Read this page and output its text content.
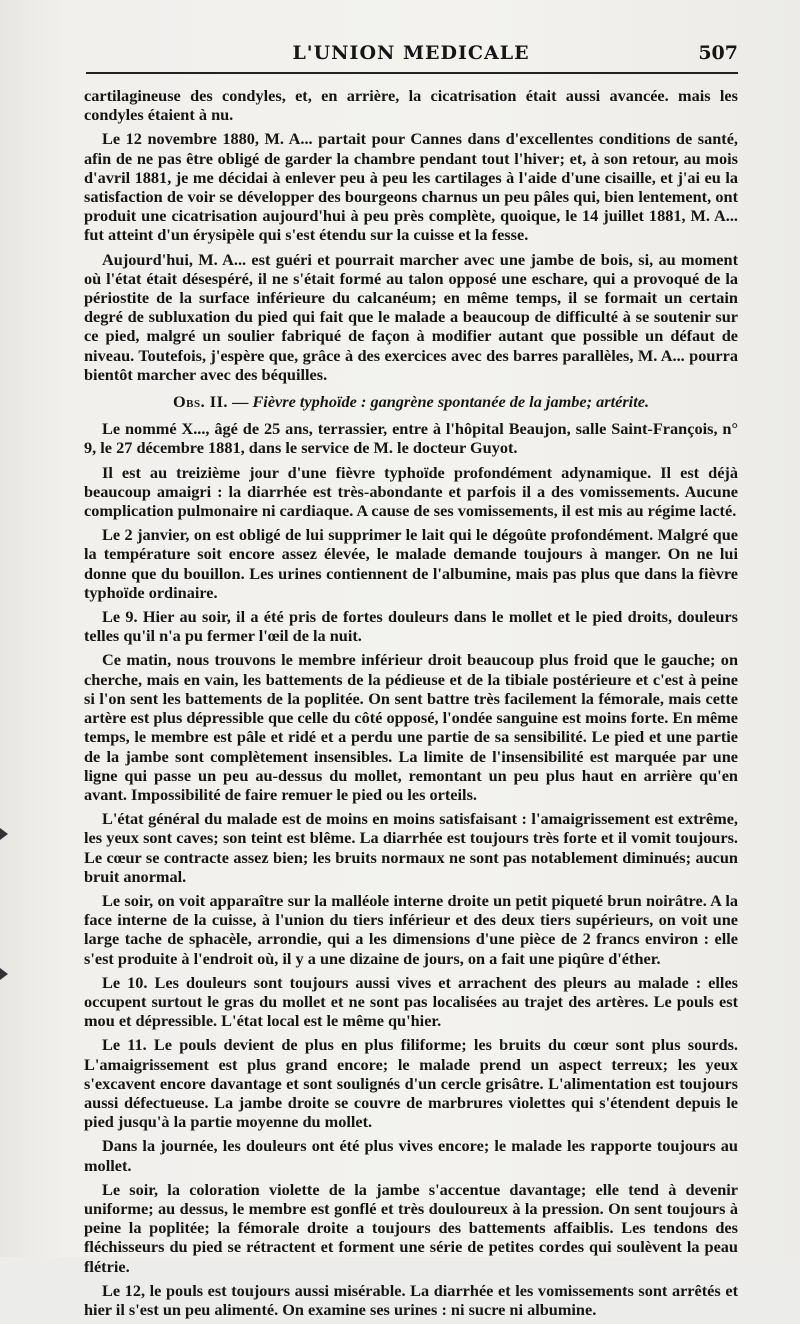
L'UNION MEDICALE	507

cartilagineuse des condyles, et, en arrière, la cicatrisation était aussi avancée. mais les condyles étaient à nu.

Le 12 novembre 1880, M. A... partait pour Cannes dans d'excellentes conditions de santé, afin de ne pas être obligé de garder la chambre pendant tout l'hiver; et, à son retour, au mois d'avril 1881, je me décidai à enlever peu à peu les cartilages à l'aide d'une cisaille, et j'ai eu la satisfaction de voir se développer des bourgeons charnus un peu pâles qui, bien lentement, ont produit une cicatrisation aujourd'hui à peu près complète, quoique, le 14 juillet 1881, M. A... fut atteint d'un érysipèle qui s'est étendu sur la cuisse et la fesse.

Aujourd'hui, M. A... est guéri et pourrait marcher avec une jambe de bois, si, au moment où l'état était désespéré, il ne s'était formé au talon opposé une eschare, qui a provoqué de la périostite de la surface inférieure du calcanéum; en même temps, il se formait un certain degré de subluxation du pied qui fait que le malade a beaucoup de difficulté à se soutenir sur ce pied, malgré un soulier fabriqué de façon à modifier autant que possible un défaut de niveau. Toutefois, j'espère que, grâce à des exercices avec des barres parallèles, M. A... pourra bientôt marcher avec des béquilles.

Obs. II. — Fièvre typhoïde : gangrène spontanée de la jambe; artérite.

Le nommé X..., âgé de 25 ans, terrassier, entre à l'hôpital Beaujon, salle Saint-François, n° 9, le 27 décembre 1881, dans le service de M. le docteur Guyot.

Il est au treizième jour d'une fièvre typhoïde profondément adynamique. Il est déjà beaucoup amaigri : la diarrhée est très-abondante et parfois il a des vomissements. Aucune complication pulmonaire ni cardiaque. A cause de ses vomissements, il est mis au régime lacté.

Le 2 janvier, on est obligé de lui supprimer le lait qui le dégoûte profondément. Malgré que la température soit encore assez élevée, le malade demande toujours à manger. On ne lui donne que du bouillon. Les urines contiennent de l'albumine, mais pas plus que dans la fièvre typhoïde ordinaire.

Le 9. Hier au soir, il a été pris de fortes douleurs dans le mollet et le pied droits, douleurs telles qu'il n'a pu fermer l'œil de la nuit.

Ce matin, nous trouvons le membre inférieur droit beaucoup plus froid que le gauche; on cherche, mais en vain, les battements de la pédieuse et de la tibiale postérieure et c'est à peine si l'on sent les battements de la poplitée. On sent battre très facilement la fémorale, mais cette artère est plus dépressible que celle du côté opposé, l'ondée sanguine est moins forte. En même temps, le membre est pâle et ridé et a perdu une partie de sa sensibilité. Le pied et une partie de la jambe sont complètement insensibles. La limite de l'insensibilité est marquée par une ligne qui passe un peu au-dessus du mollet, remontant un peu plus haut en arrière qu'en avant. Impossibilité de faire remuer le pied ou les orteils.

L'état général du malade est de moins en moins satisfaisant : l'amaigrissement est extrême, les yeux sont caves; son teint est blême. La diarrhée est toujours très forte et il vomit toujours. Le cœur se contracte assez bien; les bruits normaux ne sont pas notablement diminués; aucun bruit anormal.

Le soir, on voit apparaître sur la malléole interne droite un petit piqueté brun noirâtre. A la face interne de la cuisse, à l'union du tiers inférieur et des deux tiers supérieurs, on voit une large tache de sphacèle, arrondie, qui a les dimensions d'une pièce de 2 francs environ : elle s'est produite à l'endroit où, il y a une dizaine de jours, on a fait une piqûre d'éther.

Le 10. Les douleurs sont toujours aussi vives et arrachent des pleurs au malade : elles occupent surtout le gras du mollet et ne sont pas localisées au trajet des artères. Le pouls est mou et dépressible. L'état local est le même qu'hier.

Le 11. Le pouls devient de plus en plus filiforme; les bruits du cœur sont plus sourds. L'amaigrissement est plus grand encore; le malade prend un aspect terreux; les yeux s'excavent encore davantage et sont soulignés d'un cercle grisâtre. L'alimentation est toujours aussi défectueuse. La jambe droite se couvre de marbrures violettes qui s'étendent depuis le pied jusqu'à la partie moyenne du mollet.

Dans la journée, les douleurs ont été plus vives encore; le malade les rapporte toujours au mollet.

Le soir, la coloration violette de la jambe s'accentue davantage; elle tend à devenir uniforme; au dessus, le membre est gonflé et très douloureux à la pression. On sent toujours à peine la poplitée; la fémorale droite a toujours des battements affaiblis. Les tendons des fléchisseurs du pied se rétractent et forment une série de petites cordes qui soulèvent la peau flétrie.

Le 12, le pouls est toujours aussi misérable. La diarrhée et les vomissements sont arrêtés et hier il s'est un peu alimenté. On examine ses urines : ni sucre ni albumine.
